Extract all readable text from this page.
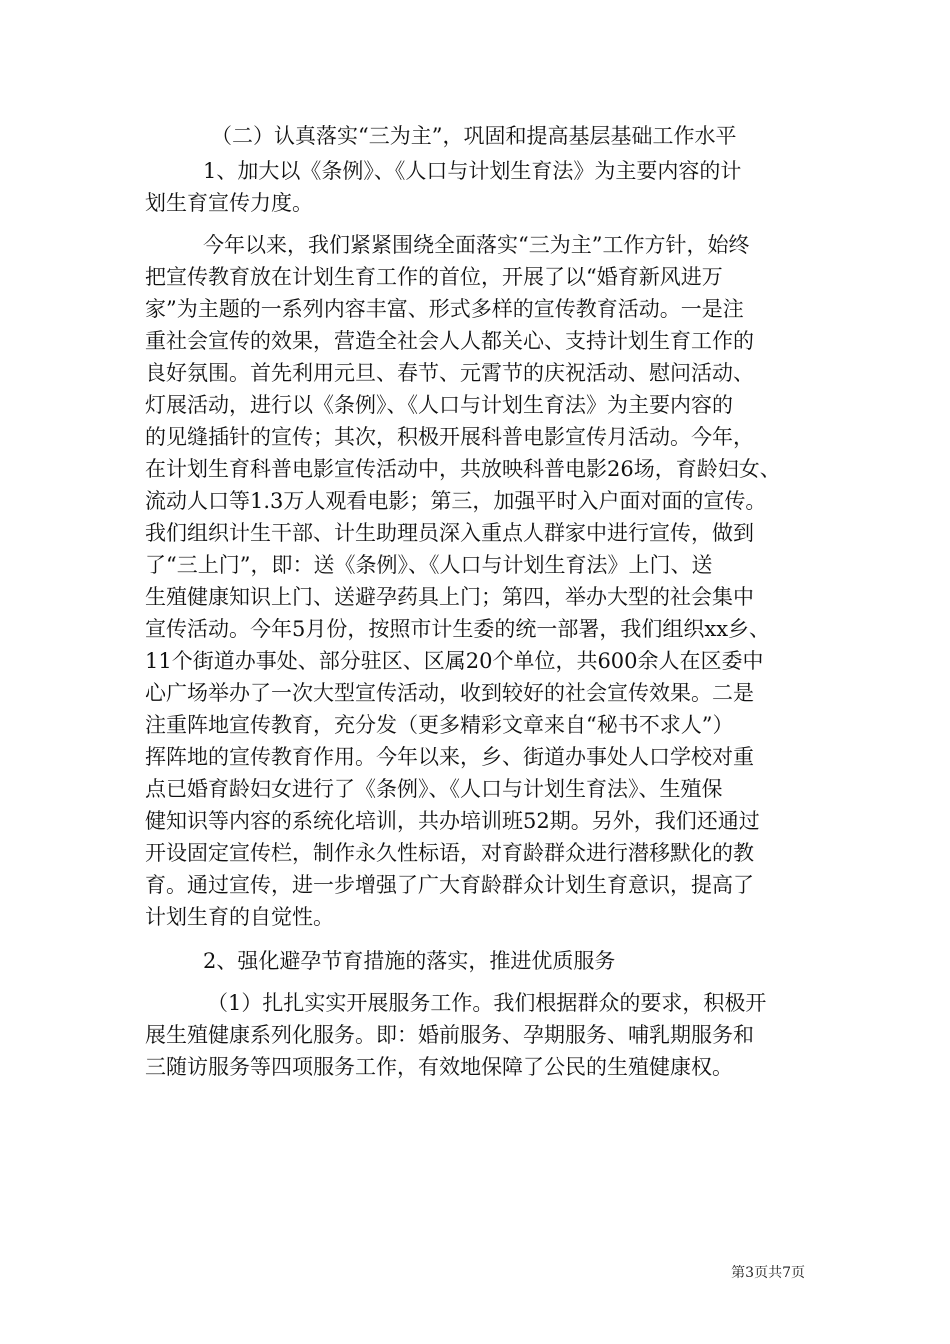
（二）认真落实“三为主”，巩固和提高基层基础工作水平

1、加大以《条例》、《人口与计划生育法》为主要内容的计

划生育宣传力度。

今年以来，我们紧紧围绕全面落实“三为主”工作方针，始终

把宣传教育放在计划生育工作的首位，开展了以“婚育新风进万

家”为主题的一系列内容丰富、形式多样的宣传教育活动。一是注

重社会宣传的效果，营造全社会人人都关心、支持计划生育工作的

良好氛围。首先利用元旦、春节、元霄节的庆祝活动、慰问活动、

灯展活动，进行以《条例》、《人口与计划生育法》为主要内容的

的见缝插针的宣传；其次，积极开展科普电影宣传月活动。今年，

在计划生育科普电影宣传活动中，共放映科普电影26场，育龄妇女、

流动人口等1.3万人观看电影；第三，加强平时入户面对面的宣传。

我们组织计生干部、计生助理员深入重点人群家中进行宣传，做到

了“三上门”，即：送《条例》、《人口与计划生育法》上门、送

生殖健康知识上门、送避孕药具上门；第四，举办大型的社会集中

宣传活动。今年5月份，按照市计生委的统一部署，我们组织xx乡、

11个街道办事处、部分驻区、区属20个单位，共600余人在区委中

心广场举办了一次大型宣传活动，收到较好的社会宣传效果。二是

注重阵地宣传教育，充分发（更多精彩文章来自“秘书不求人”）

挥阵地的宣传教育作用。今年以来，乡、街道办事处人口学校对重

点已婚育龄妇女进行了《条例》、《人口与计划生育法》、生殖保

健知识等内容的系统化培训，共办培训班52期。另外，我们还通过

开设固定宣传栏，制作永久性标语，对育龄群众进行潜移默化的教

育。通过宣传，进一步增强了广大育龄群众计划生育意识，提高了

计划生育的自觉性。

2、强化避孕节育措施的落实，推进优质服务

（1）扎扎实实开展服务工作。我们根据群众的要求，积极开

展生殖健康系列化服务。即：婚前服务、孕期服务、哺乳期服务和

三随访服务等四项服务工作，有效地保障了公民的生殖健康权。

第3页共7页
